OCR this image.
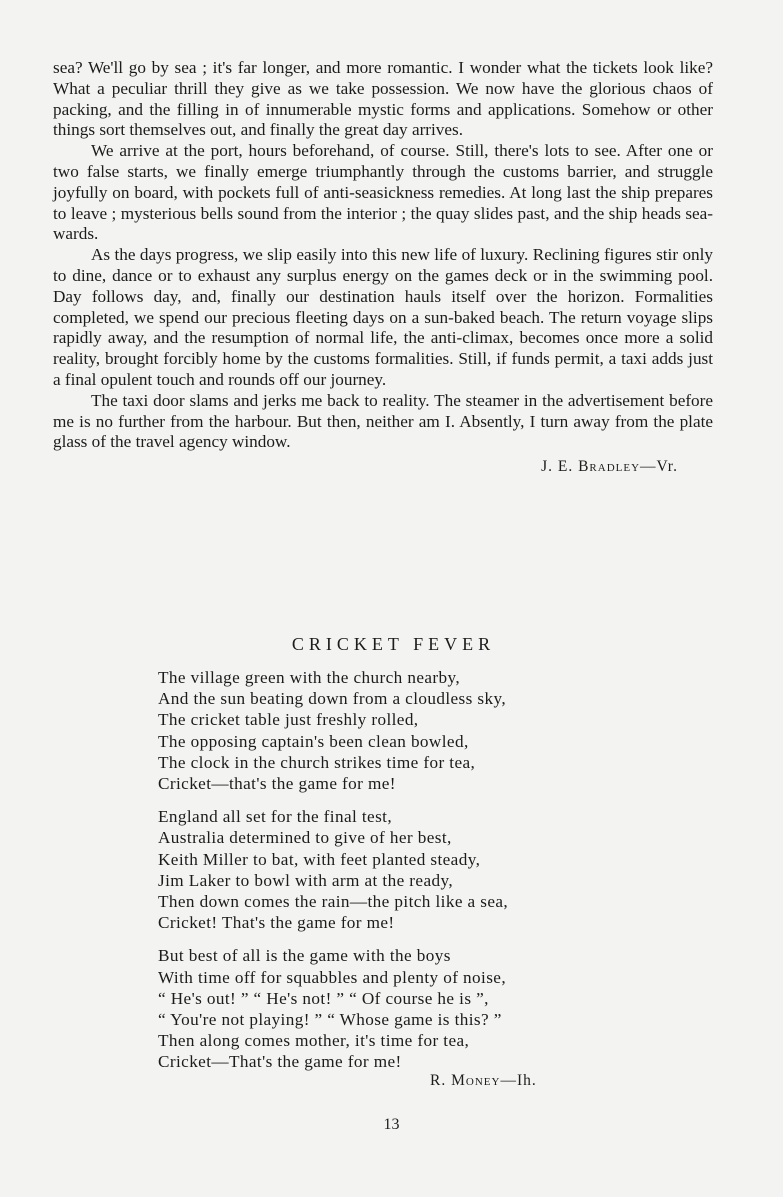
sea? We'll go by sea ; it's far longer, and more romantic. I wonder what the tickets look like? What a peculiar thrill they give as we take possession. We now have the glorious chaos of packing, and the filling in of innumerable mystic forms and applications. Somehow or other things sort themselves out, and finally the great day arrives.

We arrive at the port, hours beforehand, of course. Still, there's lots to see. After one or two false starts, we finally emerge triumphantly through the customs barrier, and struggle joyfully on board, with pockets full of anti-seasickness remedies. At long last the ship prepares to leave ; mysterious bells sound from the interior ; the quay slides past, and the ship heads sea-wards.

As the days progress, we slip easily into this new life of luxury. Reclining figures stir only to dine, dance or to exhaust any surplus energy on the games deck or in the swimming pool. Day follows day, and, finally our destination hauls itself over the horizon. Formalities completed, we spend our precious fleeting days on a sun-baked beach. The return voyage slips rapidly away, and the resumption of normal life, the anti-climax, becomes once more a solid reality, brought forcibly home by the customs formalities. Still, if funds permit, a taxi adds just a final opulent touch and rounds off our journey.

The taxi door slams and jerks me back to reality. The steamer in the advertisement before me is no further from the harbour. But then, neither am I. Absently, I turn away from the plate glass of the travel agency window.

J. E. Bradley—Vr.
CRICKET FEVER
The village green with the church nearby,
And the sun beating down from a cloudless sky,
The cricket table just freshly rolled,
The opposing captain's been clean bowled,
The clock in the church strikes time for tea,
Cricket—that's the game for me!
England all set for the final test,
Australia determined to give of her best,
Keith Miller to bat, with feet planted steady,
Jim Laker to bowl with arm at the ready,
Then down comes the rain—the pitch like a sea,
Cricket! That's the game for me!
But best of all is the game with the boys
With time off for squabbles and plenty of noise,
“ He's out! ” “ He's not! ” “ Of course he is ”,
“ You're not playing! ” “ Whose game is this? ”
Then along comes mother, it's time for tea,
Cricket—That's the game for me!
R. Money—Ih.
13
